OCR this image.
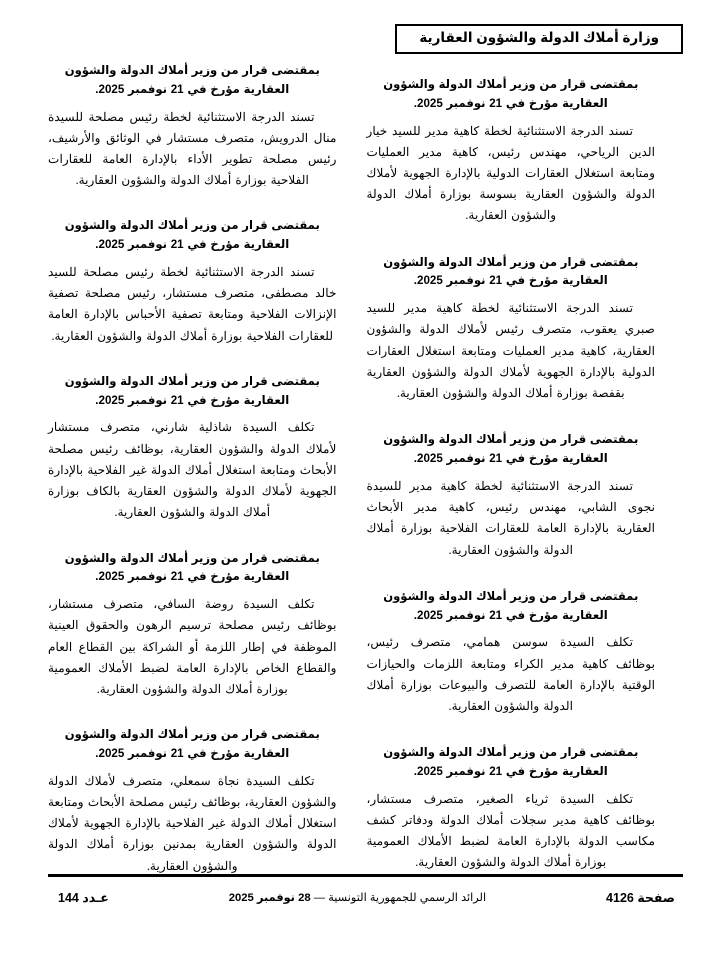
وزارة أملاك الدولة والشؤون العقارية

بمقتضى قرار من وزير أملاك الدولة والشؤون العقارية مؤرخ في 21 نوفمبر 2025.

تسند الدرجة الاستثنائية لخطة كاهية مدير للسيد خيار الدين الرياحي، مهندس رئيس، كاهية مدير العمليات ومتابعة استغلال العقارات الدولية بالإدارة الجهوية لأملاك الدولة والشؤون العقارية بسوسة بوزارة أملاك الدولة والشؤون العقارية.

بمقتضى قرار من وزير أملاك الدولة والشؤون العقارية مؤرخ في 21 نوفمبر 2025.

تسند الدرجة الاستثنائية لخطة كاهية مدير للسيد صبري يعقوب، متصرف رئيس لأملاك الدولة والشؤون العقارية، كاهية مدير العمليات ومتابعة استغلال العقارات الدولية بالإدارة الجهوية لأملاك الدولة والشؤون العقارية بقفصة بوزارة أملاك الدولة والشؤون العقارية.

بمقتضى قرار من وزير أملاك الدولة والشؤون العقارية مؤرخ في 21 نوفمبر 2025.

تسند الدرجة الاستثنائية لخطة كاهية مدير للسيدة نجوى الشابي، مهندس رئيس، كاهية مدير الأبحاث العقارية بالإدارة العامة للعقارات الفلاحية بوزارة أملاك الدولة والشؤون العقارية.

بمقتضى قرار من وزير أملاك الدولة والشؤون العقارية مؤرخ في 21 نوفمبر 2025.

تكلف السيدة سوسن همامي، متصرف رئيس، بوظائف كاهية مدير الكراء ومتابعة اللزمات والحيازات الوقتية بالإدارة العامة للتصرف والبيوعات بوزارة أملاك الدولة والشؤون العقارية.

بمقتضى قرار من وزير أملاك الدولة والشؤون العقارية مؤرخ في 21 نوفمبر 2025.

تكلف السيدة ثرياء الصغير، متصرف مستشار، بوظائف كاهية مدير سجلات أملاك الدولة ودفاتر كشف مكاسب الدولة بالإدارة العامة لضبط الأملاك العمومية بوزارة أملاك الدولة والشؤون العقارية.

بمقتضى قرار من وزير أملاك الدولة والشؤون العقارية مؤرخ في 21 نوفمبر 2025.

تسند الدرجة الاستثنائية لخطة رئيس مصلحة للسيدة منال الدرويش، متصرف مستشار في الوثائق والأرشيف، رئيس مصلحة تطوير الأداء بالإدارة العامة للعقارات الفلاحية بوزارة أملاك الدولة والشؤون العقارية.

بمقتضى قرار من وزير أملاك الدولة والشؤون العقارية مؤرخ في 21 نوفمبر 2025.

تسند الدرجة الاستثنائية لخطة رئيس مصلحة للسيد خالد مصطفى، متصرف مستشار، رئيس مصلحة تصفية الإنزالات الفلاحية ومتابعة تصفية الأحباس بالإدارة العامة للعقارات الفلاحية بوزارة أملاك الدولة والشؤون العقارية.

بمقتضى قرار من وزير أملاك الدولة والشؤون العقارية مؤرخ في 21 نوفمبر 2025.

تكلف السيدة شاذلية شارني، متصرف مستشار لأملاك الدولة والشؤون العقارية، بوظائف رئيس مصلحة الأبحاث ومتابعة استغلال أملاك الدولة غير الفلاحية بالإدارة الجهوية لأملاك الدولة والشؤون العقارية بالكاف بوزارة أملاك الدولة والشؤون العقارية.

بمقتضى قرار من وزير أملاك الدولة والشؤون العقارية مؤرخ في 21 نوفمبر 2025.

تكلف السيدة روضة السافي، متصرف مستشار، بوظائف رئيس مصلحة ترسيم الرهون والحقوق العينية الموظفة في إطار اللزمة أو الشراكة بين القطاع العام والقطاع الخاص بالإدارة العامة لضبط الأملاك العمومية بوزارة أملاك الدولة والشؤون العقارية.

بمقتضى قرار من وزير أملاك الدولة والشؤون العقارية مؤرخ في 21 نوفمبر 2025.

تكلف السيدة نجاة سمعلي، متصرف لأملاك الدولة والشؤون العقارية، بوظائف رئيس مصلحة الأبحاث ومتابعة استغلال أملاك الدولة غير الفلاحية بالإدارة الجهوية لأملاك الدولة والشؤون العقارية بمدنين بوزارة أملاك الدولة والشؤون العقارية.

صفحة 4126
الرائد الرسمي للجمهورية التونسية — 28 نوفمبر 2025
عـدد 144
